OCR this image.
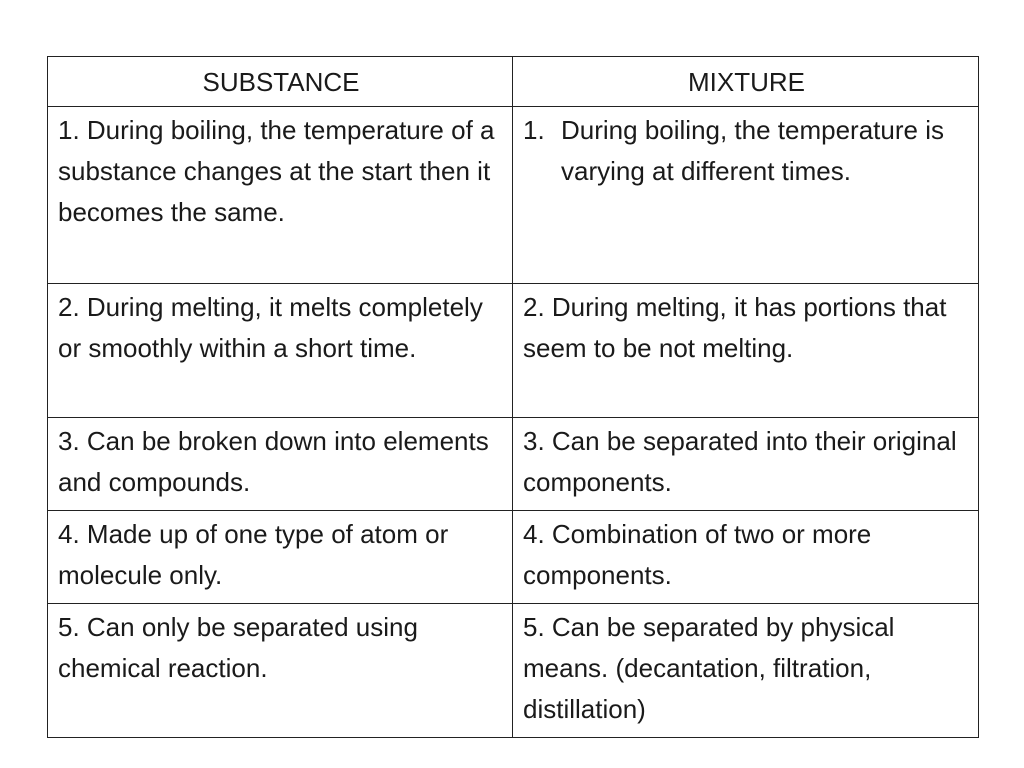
SUBSTANCE	MIXTURE
1. During boiling, the temperature of a substance changes at the start then it becomes the same.	1. During boiling, the temperature is varying at different times.

2. During melting, it melts completely or smoothly within a short time.	2. During melting, it has portions that seem to be not melting.
3. Can be broken down into elements and compounds.	3. Can be separated into their original components.
4. Made up of one type of atom or molecule only.	4. Combination of two or more components.
5. Can only be separated using chemical reaction.	5. Can be separated by physical means. (decantation, filtration, distillation)
